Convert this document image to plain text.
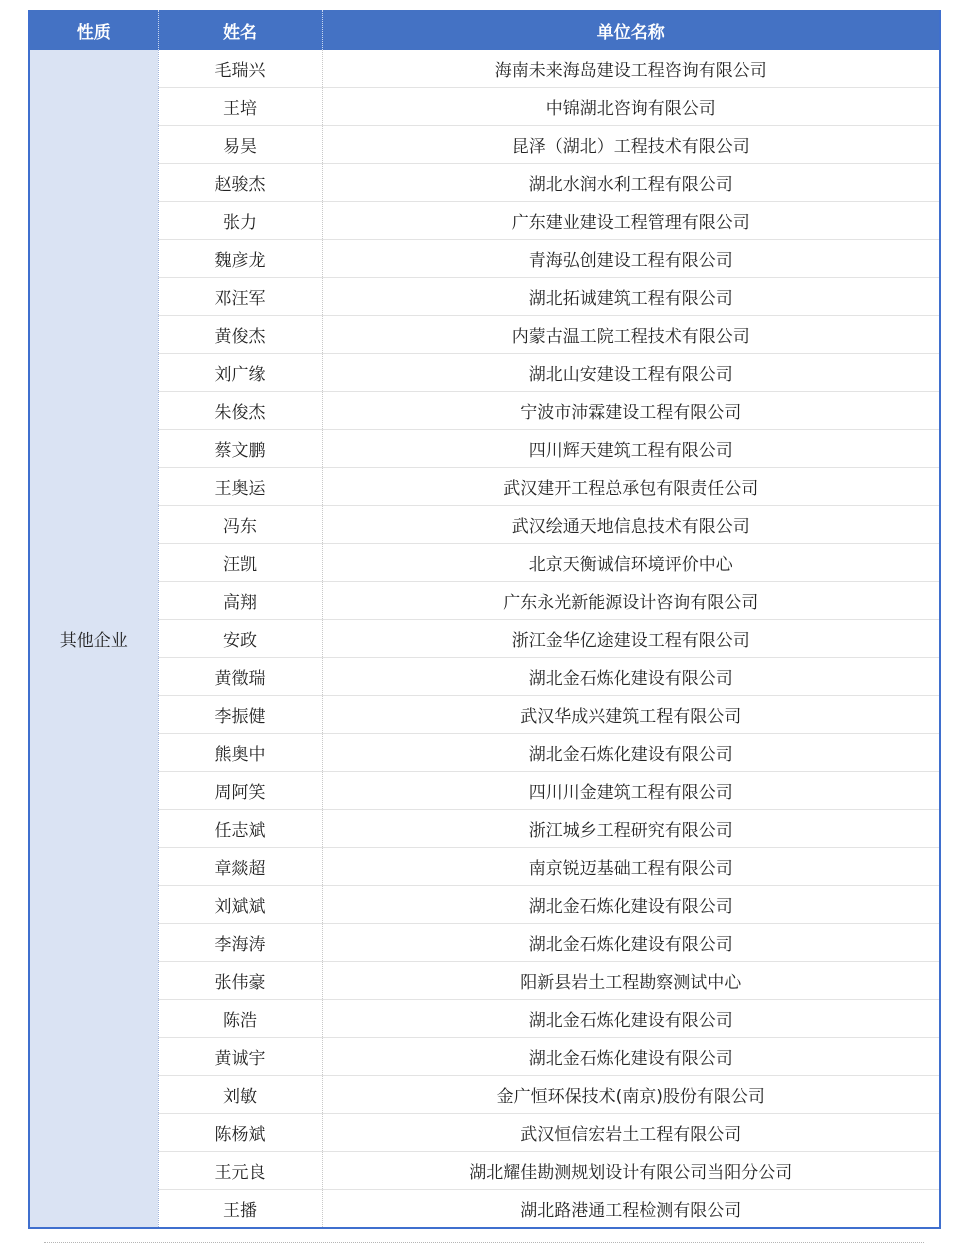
性质	姓名	单位名称
其他企业	毛瑞兴	海南未来海岛建设工程咨询有限公司
	王培	中锦湖北咨询有限公司
	易昊	昆泽（湖北）工程技术有限公司
	赵骏杰	湖北水润水利工程有限公司
	张力	广东建业建设工程管理有限公司
	魏彦龙	青海弘创建设工程有限公司
	邓汪军	湖北拓诚建筑工程有限公司
	黄俊杰	内蒙古温工院工程技术有限公司
	刘广缘	湖北山安建设工程有限公司
	朱俊杰	宁波市沛霖建设工程有限公司
	蔡文鹏	四川辉天建筑工程有限公司
	王奥运	武汉建开工程总承包有限责任公司
	冯东	武汉绘通天地信息技术有限公司
	汪凯	北京天衡诚信环境评价中心
	高翔	广东永光新能源设计咨询有限公司
	安政	浙江金华亿途建设工程有限公司
	黄徵瑞	湖北金石炼化建设有限公司
	李振健	武汉华成兴建筑工程有限公司
	熊奥中	湖北金石炼化建设有限公司
	周阿笑	四川川金建筑工程有限公司
	任志斌	浙江城乡工程研究有限公司
	章燚超	南京锐迈基础工程有限公司
	刘斌斌	湖北金石炼化建设有限公司
	李海涛	湖北金石炼化建设有限公司
	张伟豪	阳新县岩土工程勘察测试中心
	陈浩	湖北金石炼化建设有限公司
	黄诚宇	湖北金石炼化建设有限公司
	刘敏	金广恒环保技术(南京)股份有限公司
	陈杨斌	武汉恒信宏岩土工程有限公司
	王元良	湖北耀佳勘测规划设计有限公司当阳分公司
	王播	湖北路港通工程检测有限公司
